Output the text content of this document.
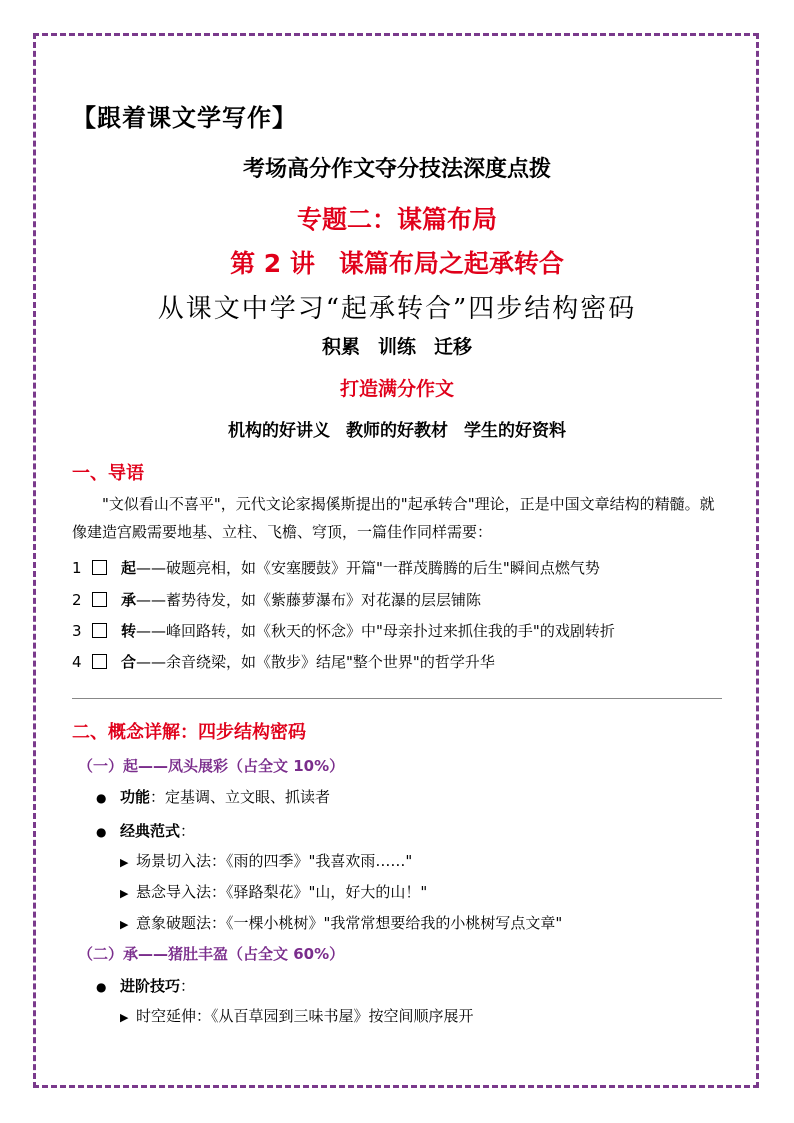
【跟着课文学写作】
考场高分作文夺分技法深度点拨
专题二：谋篇布局
第 2 讲 谋篇布局之起承转合
从课文中学习“起承转合”四步结构密码
积累 训练 迁移
打造满分作文
机构的好讲义 教师的好教材 学生的好资料
一、导语
"文似看山不喜平"，元代文论家揭傒斯提出的"起承转合"理论，正是中国文章结构的精髓。就像建造宫殿需要地基、立柱、飞檐、穹顶，一篇佳作同样需要：
1	起——破题亮相，如《安塞腰鼓》开篇"一群茂腾腾的后生"瞬间点燃气势
2	承——蓄势待发，如《紫藤萝瀑布》对花瀑的层层铺陈
3	转——峰回路转，如《秋天的怀念》中"母亲扑过来抓住我的手"的戏剧转折
4	合——余音绕梁，如《散步》结尾"整个世界"的哲学升华
二、概念详解：四步结构密码
（一）起——凤头展彩（占全文 10%）
● 功能：定基调、立文眼、抓读者
● 经典范式：
▶ 场景切入法：《雨的四季》"我喜欢雨……"
▶ 悬念导入法：《驿路梨花》"山，好大的山！"
▶ 意象破题法：《一棵小桃树》"我常常想要给我的小桃树写点文章"
（二）承——猪肚丰盈（占全文 60%）
● 进阶技巧：
▶ 时空延伸：《从百草园到三味书屋》按空间顺序展开
